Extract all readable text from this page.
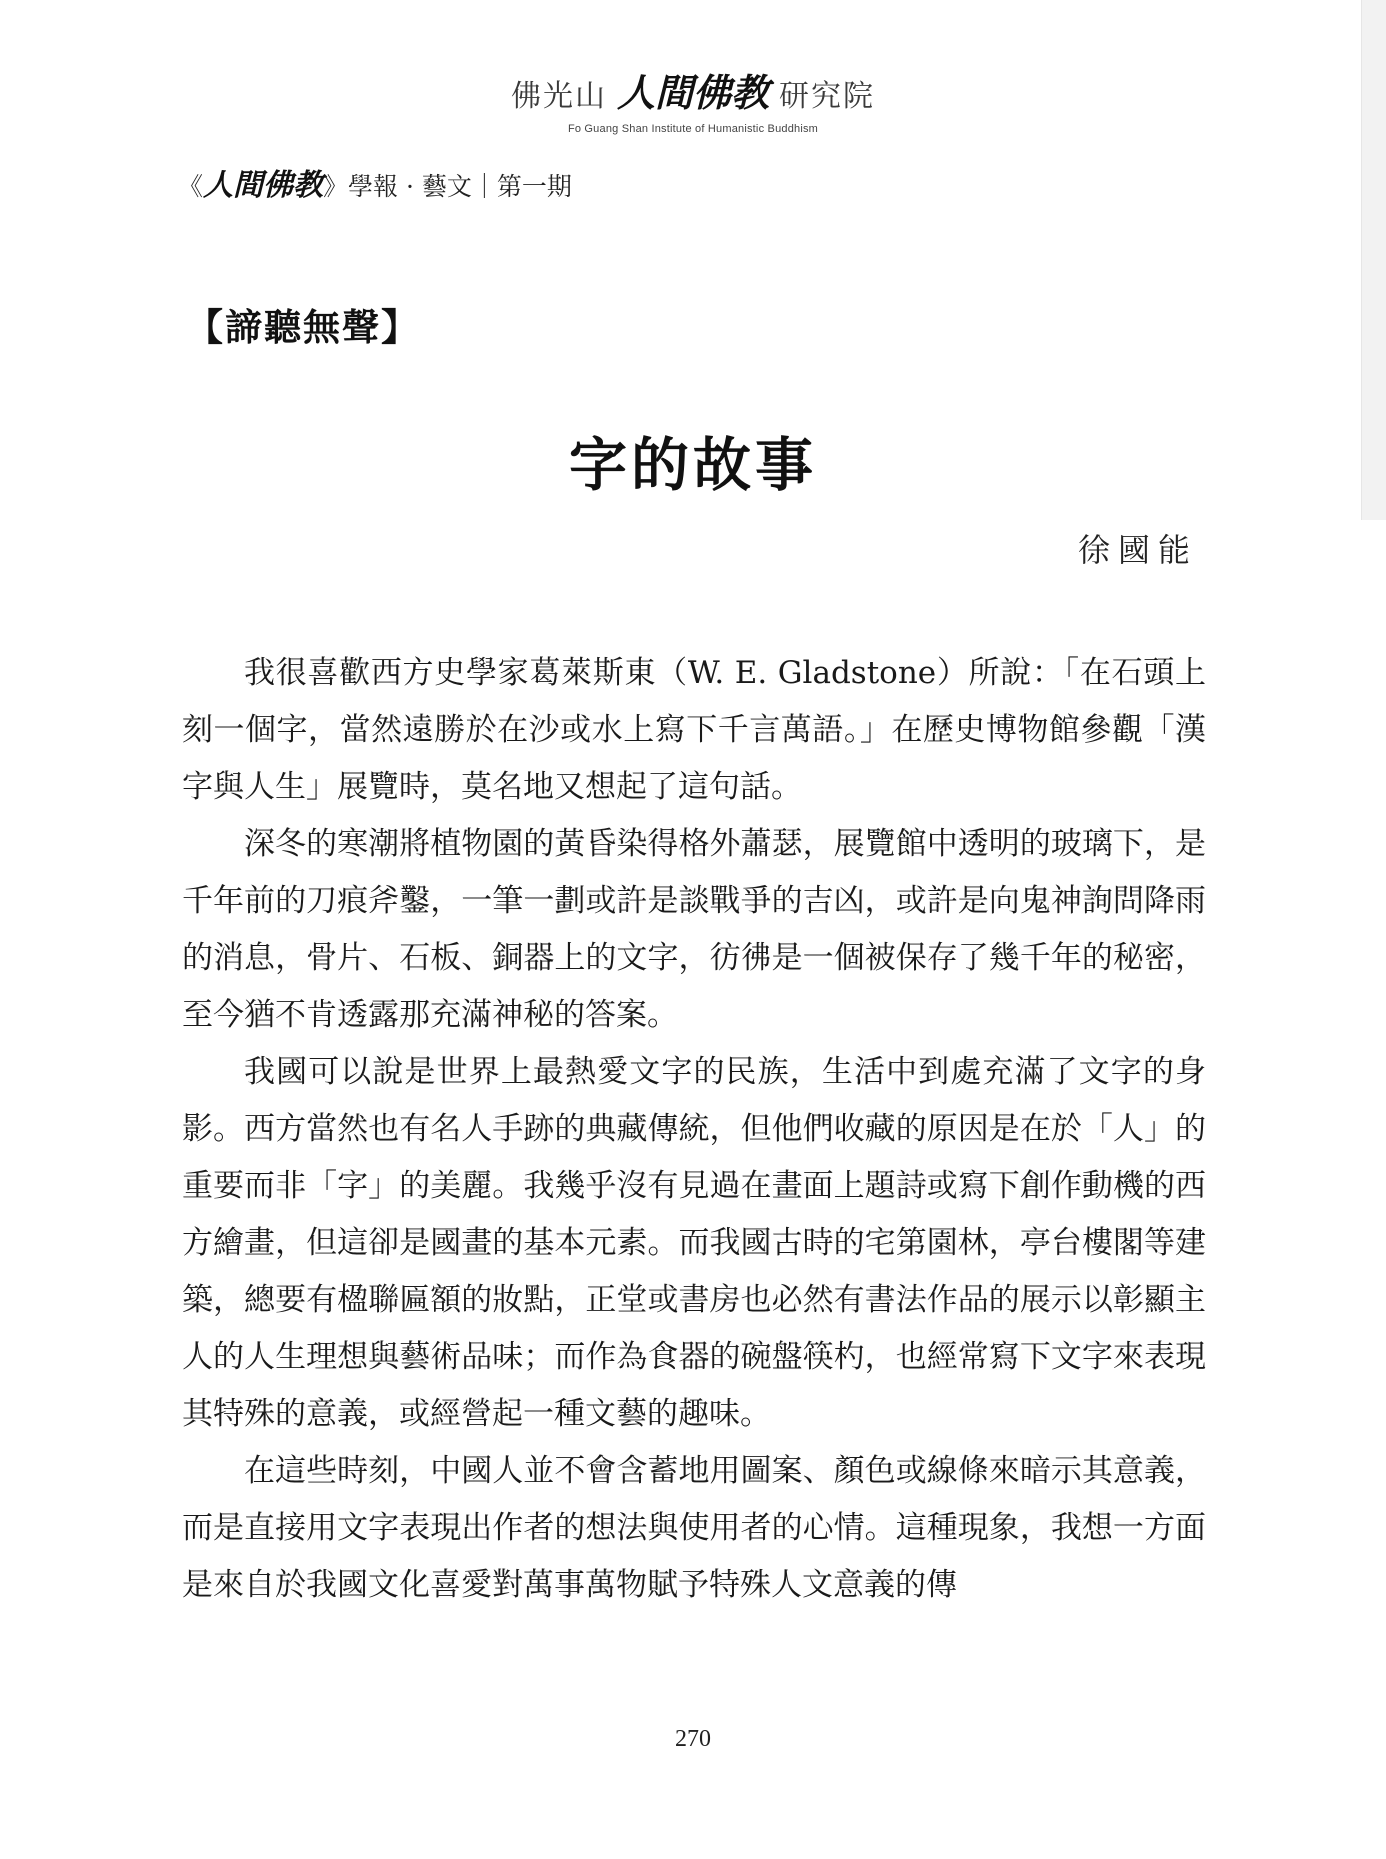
佛光山 人間佛教 研究院
Fo Guang Shan Institute of Humanistic Buddhism
《人間佛教》學報 · 藝文｜第一期
【諦聽無聲】
字的故事
徐國能

我很喜歡西方史學家葛萊斯東（W. E. Gladstone）所說：「在石頭上刻一個字，當然遠勝於在沙或水上寫下千言萬語。」在歷史博物館參觀「漢字與人生」展覽時，莫名地又想起了這句話。

深冬的寒潮將植物園的黃昏染得格外蕭瑟，展覽館中透明的玻璃下，是千年前的刀痕斧鑿，一筆一劃或許是談戰爭的吉凶，或許是向鬼神詢問降雨的消息，骨片、石板、銅器上的文字，彷彿是一個被保存了幾千年的秘密，至今猶不肯透露那充滿神秘的答案。

我國可以說是世界上最熱愛文字的民族，生活中到處充滿了文字的身影。西方當然也有名人手跡的典藏傳統，但他們收藏的原因是在於「人」的重要而非「字」的美麗。我幾乎沒有見過在畫面上題詩或寫下創作動機的西方繪畫，但這卻是國畫的基本元素。而我國古時的宅第園林，亭台樓閣等建築，總要有楹聯匾額的妝點，正堂或書房也必然有書法作品的展示以彰顯主人的人生理想與藝術品味；而作為食器的碗盤筷杓，也經常寫下文字來表現其特殊的意義，或經營起一種文藝的趣味。

在這些時刻，中國人並不會含蓄地用圖案、顏色或線條來暗示其意義，而是直接用文字表現出作者的想法與使用者的心情。這種現象，我想一方面是來自於我國文化喜愛對萬事萬物賦予特殊人文意義的傳

270
